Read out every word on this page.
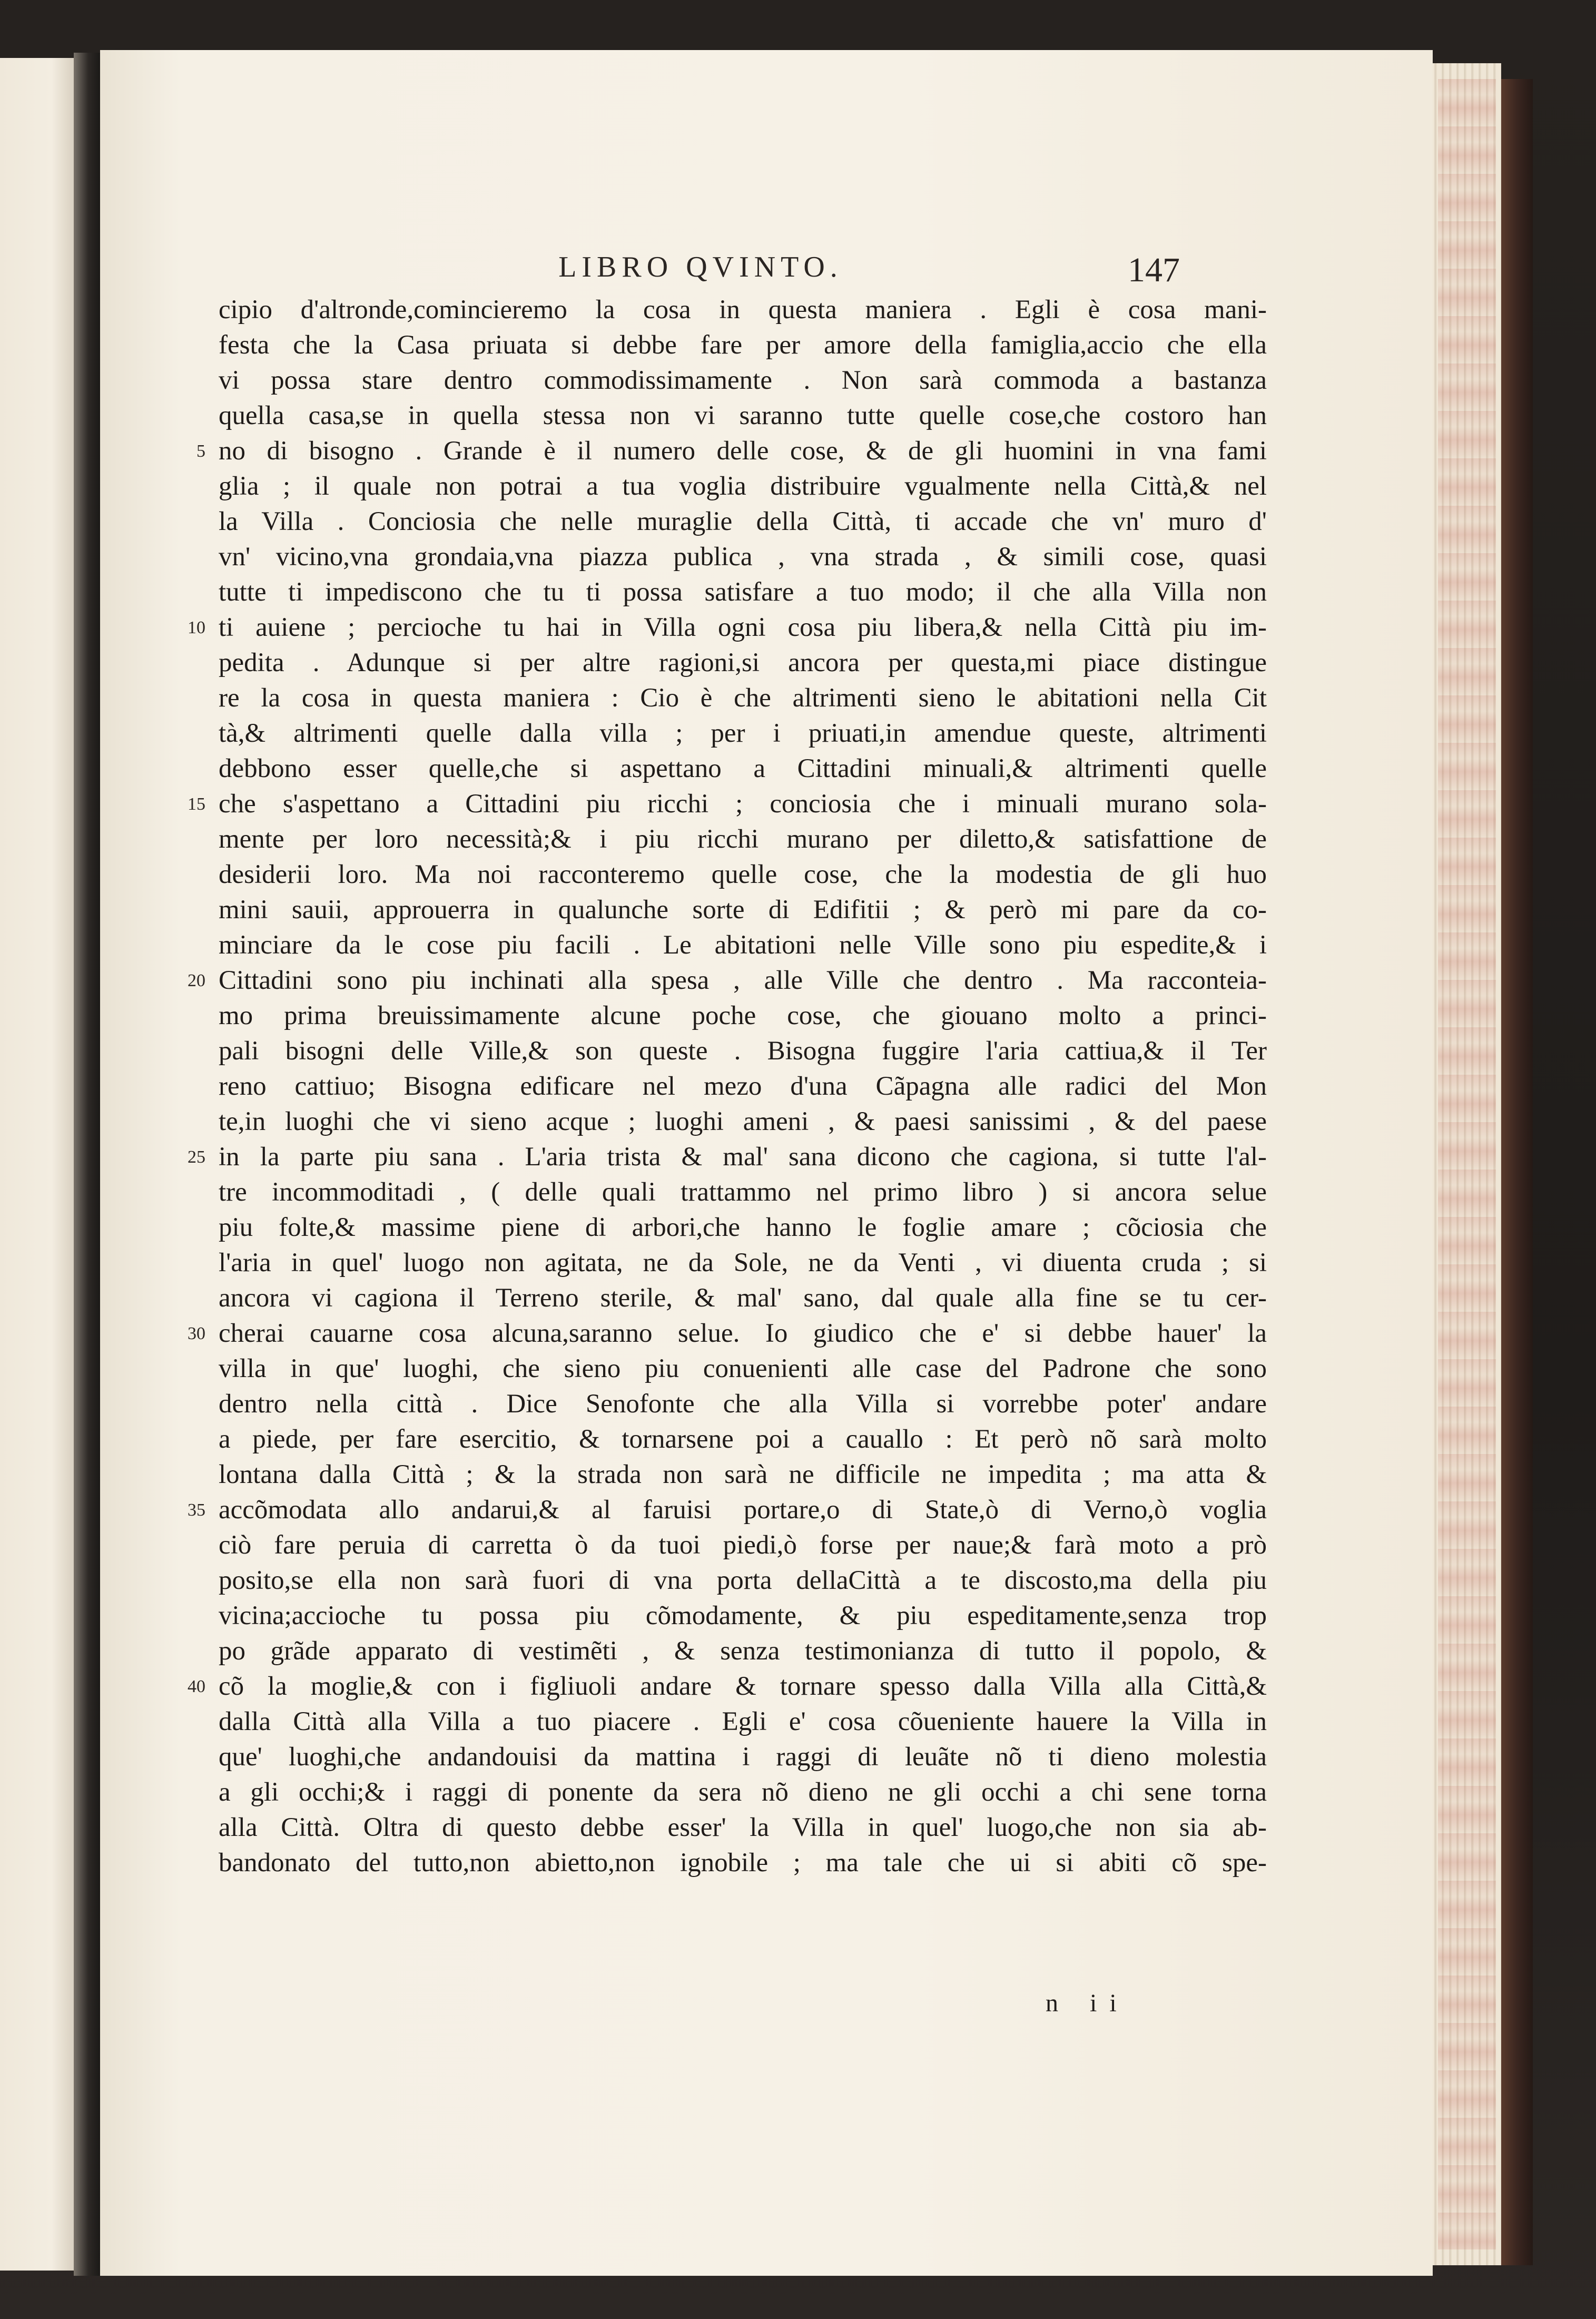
LIBRO QVINTO.	147
cipio d'altronde,comincieremo la cosa in questa maniera . Egli è cosa mani-
festa che la Casa priuata si debbe fare per amore della famiglia,accio che ella
vi possa stare dentro commodissimamente . Non sarà commoda a bastanza
quella casa,se in quella stessa non vi saranno tutte quelle cose,che costoro han
5 no di bisogno . Grande è il numero delle cose, & de gli huomini in vna fami
glia ; il quale non potrai a tua voglia distribuire vgualmente nella Città,& nel
la Villa . Conciosia che nelle muraglie della Città, ti accade che vn' muro d'
vn' vicino,vna grondaia,vna piazza publica , vna strada , & simili cose, quasi
tutte ti impediscono che tu ti possa satisfare a tuo modo; il che alla Villa non
10 ti auiene ; percioche tu hai in Villa ogni cosa piu libera,& nella Città piu im-
pedita . Adunque si per altre ragioni,si ancora per questa,mi piace distingue
re la cosa in questa maniera : Cio è che altrimenti sieno le abitationi nella Cit
tà,& altrimenti quelle dalla villa ; per i priuati,in amendue queste, altrimenti
debbono esser quelle,che si aspettano a Cittadini minuali,& altrimenti quelle
15 che s'aspettano a Cittadini piu ricchi ; conciosia che i minuali murano sola-
mente per loro necessità;& i piu ricchi murano per diletto,& satisfattione de
desiderii loro. Ma noi racconteremo quelle cose, che la modestia de gli huo
mini sauii, approuerra in qualunche sorte di Edifitii ; & però mi pare da co-
minciare da le cose piu facili . Le abitationi nelle Ville sono piu espedite,& i
20 Cittadini sono piu inchinati alla spesa , alle Ville che dentro . Ma racconteia-
mo prima breuissimamente alcune poche cose, che giouano molto a princi-
pali bisogni delle Ville,& son queste . Bisogna fuggire l'aria cattiua,& il Ter
reno cattiuo; Bisogna edificare nel mezo d'una Cãpagna alle radici del Mon
te,in luoghi che vi sieno acque ; luoghi ameni , & paesi sanissimi , & del paese
25 in la parte piu sana . L'aria trista & mal' sana dicono che cagiona, si tutte l'al-
tre incommoditadi , ( delle quali trattammo nel primo libro ) si ancora selue
piu folte,& massime piene di arbori,che hanno le foglie amare ; cõciosia che
l'aria in quel' luogo non agitata, ne da Sole, ne da Venti , vi diuenta cruda ; si
ancora vi cagiona il Terreno sterile, & mal' sano, dal quale alla fine se tu cer-
30 cherai cauarne cosa alcuna,saranno selue. Io giudico che e' si debbe hauer' la
villa in que' luoghi, che sieno piu conuenienti alle case del Padrone che sono
dentro nella città . Dice Senofonte che alla Villa si vorrebbe poter' andare
a piede, per fare esercitio, & tornarsene poi a cauallo : Et però nõ sarà molto
lontana dalla Città ; & la strada non sarà ne difficile ne impedita ; ma atta &
35 accõmodata allo andarui,& al faruisi portare,o di State,ò di Verno,ò voglia
ciò fare peruia di carretta ò da tuoi piedi,ò forse per naue;& farà moto a prò
posito,se ella non sarà fuori di vna porta dellaCittà a te discosto,ma della piu
vicina;accioche tu possa piu cõmodamente, & piu espeditamente,senza trop
po grãde apparato di vestimẽti , & senza testimonianza di tutto il popolo, &
40 cõ la moglie,& con i figliuoli andare & tornare spesso dalla Villa alla Città,&
dalla Città alla Villa a tuo piacere . Egli e' cosa cõueniente hauere la Villa in
que' luoghi,che andandouisi da mattina i raggi di leuãte nõ ti dieno molestia
a gli occhi;& i raggi di ponente da sera nõ dieno ne gli occhi a chi sene torna
alla Città. Oltra di questo debbe esser' la Villa in quel' luogo,che non sia ab-
bandonato del tutto,non abietto,non ignobile ; ma tale che ui si abiti cõ spe-
n ii
